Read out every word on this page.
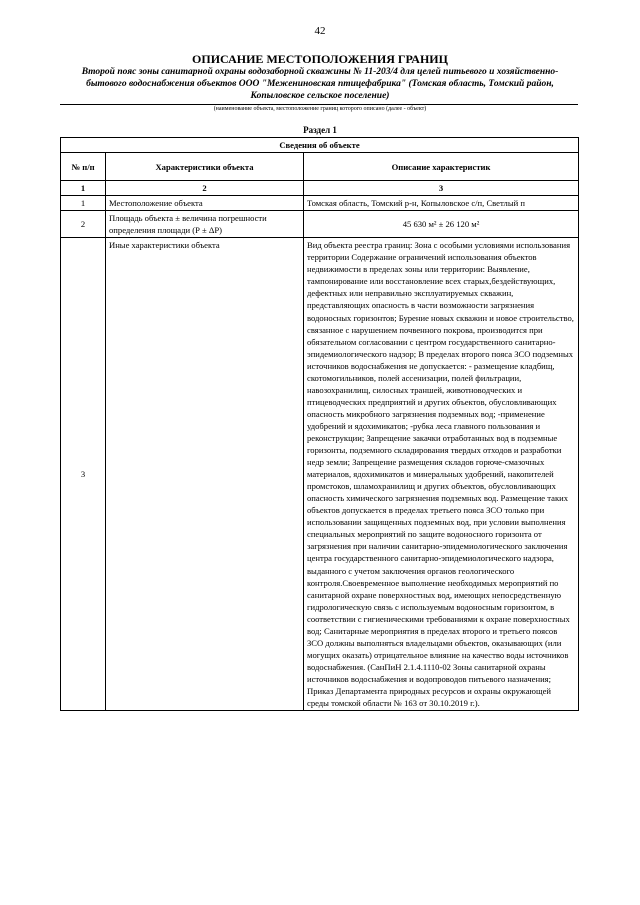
42
ОПИСАНИЕ МЕСТОПОЛОЖЕНИЯ ГРАНИЦ
Второй пояс зоны санитарной охраны водозаборной скважины № 11-203/4 для целей питьевого и хозяйственно-бытового водоснабжения объектов ООО "Межениновская птицефабрика" (Томская область, Томский район, Копыловское сельское поселение)
(наименование объекта, местоположение границ которого описано (далее - объект)
Раздел 1
Сведения об объекте		
№ п/п	Характеристики объекта	Описание характеристик
1	2	3
1	Местоположение объекта	Томская область, Томский р-н, Копыловское с/п, Светлый п
2	Площадь объекта ± величина погрешности определения площади (Р ± ΔР)	45 630 м² ± 26 120 м²
3	Иные характеристики объекта	Вид объекта реестра границ: Зона с особыми условиями использования территории Содержание ограничений использования объектов недвижимости в пределах зоны или территории: Выявление, тампонирование или восстановление всех старых,бездействующих, дефектных или неправильно эксплуатируемых скважин, представляющих опасность в части возможности загрязнения водоносных горизонтов; Бурение новых скважин и новое строительство, связанное с нарушением почвенного покрова, производится при обязательном согласовании с центром государственного санитарно-эпидемиологического надзор; В пределах второго пояса ЗСО подземных источников водоснабжения не допускается: - размещение кладбищ, скотомогильников, полей ассенизации, полей фильтрации, навозохранилищ, силосных траншей, животноводческих и птицеводческих предприятий и других объектов, обусловливающих опасность микробного загрязнения подземных вод; -применение удобрений и ядохимикатов; -рубка леса главного пользования и реконструкции; Запрещение закачки отработанных вод в подземные горизонты, подземного складирования твердых отходов и разработки недр земли; Запрещение размещения складов горюче-смазочных материалов, ядохимикатов и минеральных удобрений, накопителей промстоков, шламохранилищ и других объектов, обусловливающих опасность химического загрязнения подземных вод. Размещение таких объектов допускается в пределах третьего пояса ЗСО только при использовании защищенных подземных вод, при условии выполнения специальных мероприятий по защите водоносного горизонта от загрязнения при наличии санитарно-эпидемиологического заключения центра государственного санитарно-эпидемиологического надзора, выданного с учетом заключения органов геологического контроля.Своевременное выполнение необходимых мероприятий по санитарной охране поверхностных вод, имеющих непосредственную гидрологическую связь с используемым водоносным горизонтом, в соответствии с гигиеническими требованиями к охране поверхностных вод; Санитарные мероприятия в пределах второго и третьего поясов ЗСО должны выполняться владельцами объектов, оказывающих (или могущих оказать) отрицательное влияние на качество воды источников водоснабжения. (СанПиН 2.1.4.1110-02 Зоны санитарной охраны источников водоснабжения и водопроводов питьевого назначения; Приказ Департамента природных ресурсов и охраны окружающей среды томской области № 163 от 30.10.2019 г.).
